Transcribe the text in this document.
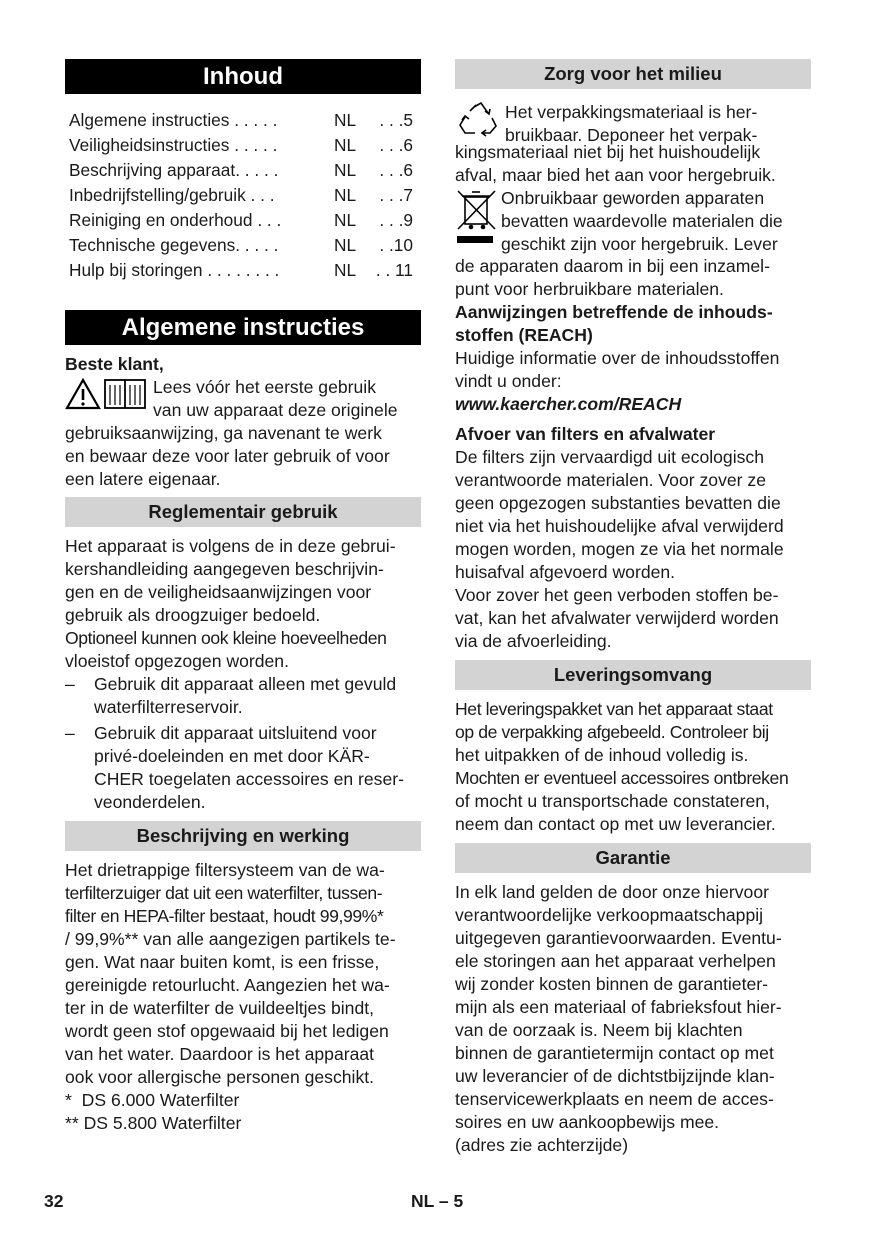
Inhoud
Algemene instructies . . . . .	NL . . .5
Veiligheidsinstructies . . . . .	NL . . .6
Beschrijving apparaat. . . . .	NL . . .6
Inbedrijfstelling/gebruik . . .	NL . . .7
Reiniging en onderhoud . . .	NL . . .9
Technische gegevens. . . . .	NL . .10
Hulp bij storingen . . . . . . . .	NL . . 11
Algemene instructies

Beste klant,

Lees vóór het eerste gebruik

van uw apparaat deze originele

gebruiksaanwijzing, ga navenant te werk

en bewaar deze voor later gebruik of voor

een latere eigenaar.

Reglementair gebruik

Het apparaat is volgens de in deze gebrui-

kershandleiding aangegeven beschrijvin-

gen en de veiligheidsaanwijzingen voor

gebruik als droogzuiger bedoeld.

Optioneel kunnen ook kleine hoeveelheden

vloeistof opgezogen worden.

– Gebruik dit apparaat alleen met gevuld

waterfilterreservoir.

– Gebruik dit apparaat uitsluitend voor

privé-doeleinden en met door KÄR-

CHER toegelaten accessoires en reser-

veonderdelen.

Beschrijving en werking

Het drietrappige filtersysteem van de wa-

terfilterzuiger dat uit een waterfilter, tussen-

filter en HEPA-filter bestaat, houdt 99,99%*

/ 99,9%** van alle aangezigen partikels te-

gen. Wat naar buiten komt, is een frisse,

gereinigde retourlucht. Aangezien het wa-

ter in de waterfilter de vuildeeltjes bindt,

wordt geen stof opgewaaid bij het ledigen

van het water. Daardoor is het apparaat

ook voor allergische personen geschikt.

*  DS 6.000 Waterfilter

** DS 5.800 Waterfilter

Zorg voor het milieu

Het verpakkingsmateriaal is her-

bruikbaar. Deponeer het verpak-

kingsmateriaal niet bij het huishoudelijk

afval, maar bied het aan voor hergebruik.

Onbruikbaar geworden apparaten

bevatten waardevolle materialen die

geschikt zijn voor hergebruik. Lever

de apparaten daarom in bij een inzamel-

punt voor herbruikbare materialen.

Aanwijzingen betreffende de inhouds-

stoffen (REACH)

Huidige informatie over de inhoudsstoffen

vindt u onder:

www.kaercher.com/REACH

Afvoer van filters en afvalwater

De filters zijn vervaardigd uit ecologisch

verantwoorde materialen. Voor zover ze

geen opgezogen substanties bevatten die

niet via het huishoudelijke afval verwijderd

mogen worden, mogen ze via het normale

huisafval afgevoerd worden.

Voor zover het geen verboden stoffen be-

vat, kan het afvalwater verwijderd worden

via de afvoerleiding.

Leveringsomvang

Het leveringspakket van het apparaat staat

op de verpakking afgebeeld. Controleer bij

het uitpakken of de inhoud volledig is.

Mochten er eventueel accessoires ontbreken

of mocht u transportschade constateren,

neem dan contact op met uw leverancier.

Garantie

In elk land gelden de door onze hiervoor

verantwoordelijke verkoopmaatschappij

uitgegeven garantievoorwaarden. Eventu-

ele storingen aan het apparaat verhelpen

wij zonder kosten binnen de garantieter-

mijn als een materiaal of fabrieksfout hier-

van de oorzaak is. Neem bij klachten

binnen de garantietermijn contact op met

uw leverancier of de dichtstbijzijnde klan-

tenservicewerkplaats en neem de acces-

soires en uw aankoopbewijs mee.

(adres zie achterzijde)

32	NL – 5
